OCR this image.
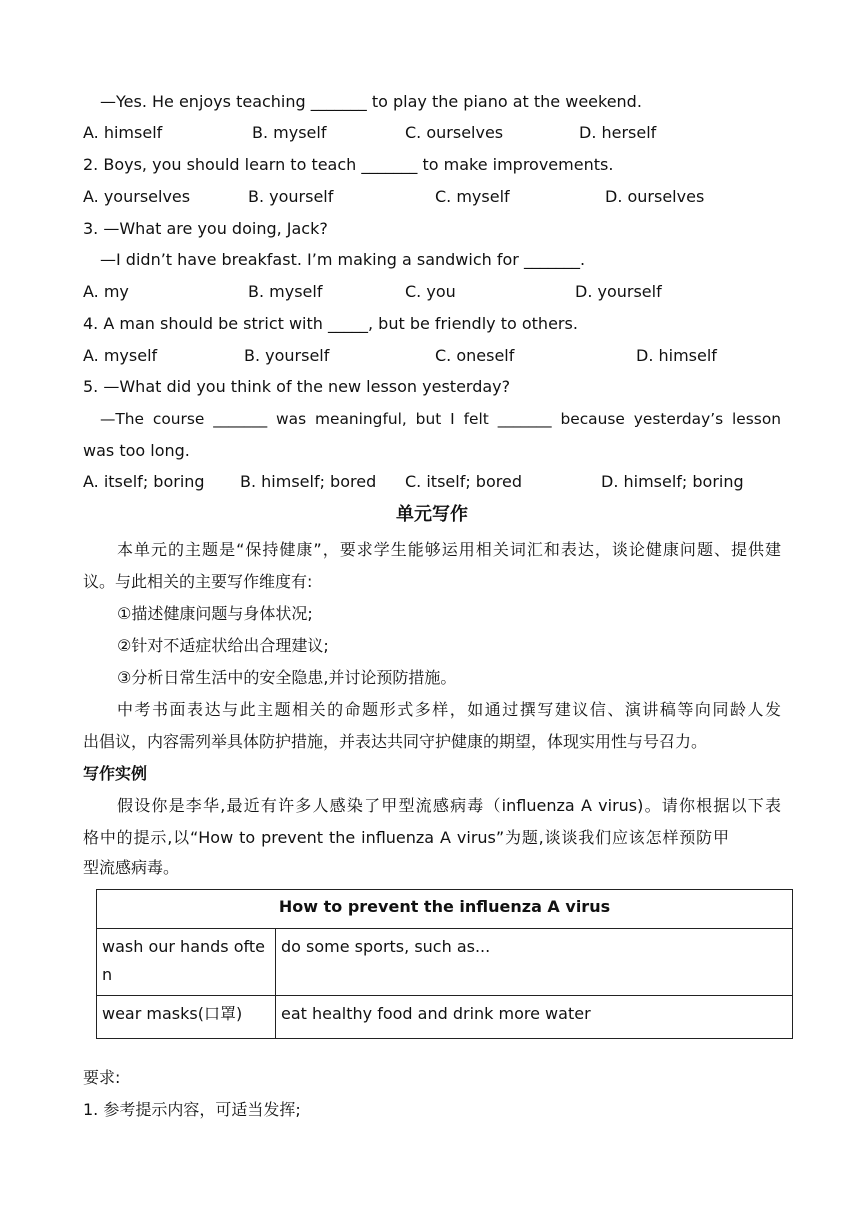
—Yes. He enjoys teaching _______ to play the piano at the weekend.
A. himself	B. myself	C. ourselves	D. herself
2. Boys, you should learn to teach _______ to make improvements.
A. yourselves	B. yourself	C. myself	D. ourselves
3. —What are you doing, Jack?
—I didn’t have breakfast. I’m making a sandwich for _______.
A. my	B. myself	C. you	D. yourself
4. A man should be strict with _____, but be friendly to others.
A. myself	B. yourself	C. oneself	D. himself
5. —What did you think of the new lesson yesterday?
—The course _______ was meaningful, but I felt _______ because yesterday’s lesson
was too long.
A. itself; boring B. himself; bored C. itself; bored	D. himself; boring
单元写作
本单元的主题是“保持健康”，要求学生能够运用相关词汇和表达，谈论健康问题、提供建
议。与此相关的主要写作维度有:
①描述健康问题与身体状况;
②针对不适症状给出合理建议;
③分析日常生活中的安全隐患,并讨论预防措施。
中考书面表达与此主题相关的命题形式多样，如通过撰写建议信、演讲稿等向同龄人发
出倡议，内容需列举具体防护措施，并表达共同守护健康的期望，体现实用性与号召力。
写作实例
假设你是李华,最近有许多人感染了甲型流感病毒（influenza A virus)。请你根据以下表
格中的提示,以“How to prevent the influenza A virus”为题,谈谈我们应该怎样预防甲
型流感病毒。
How to prevent the influenza A virus	
wash our hands often	do some sports, such as...
wear masks(口罩)	eat healthy food and drink more water
要求:
1. 参考提示内容，可适当发挥;
